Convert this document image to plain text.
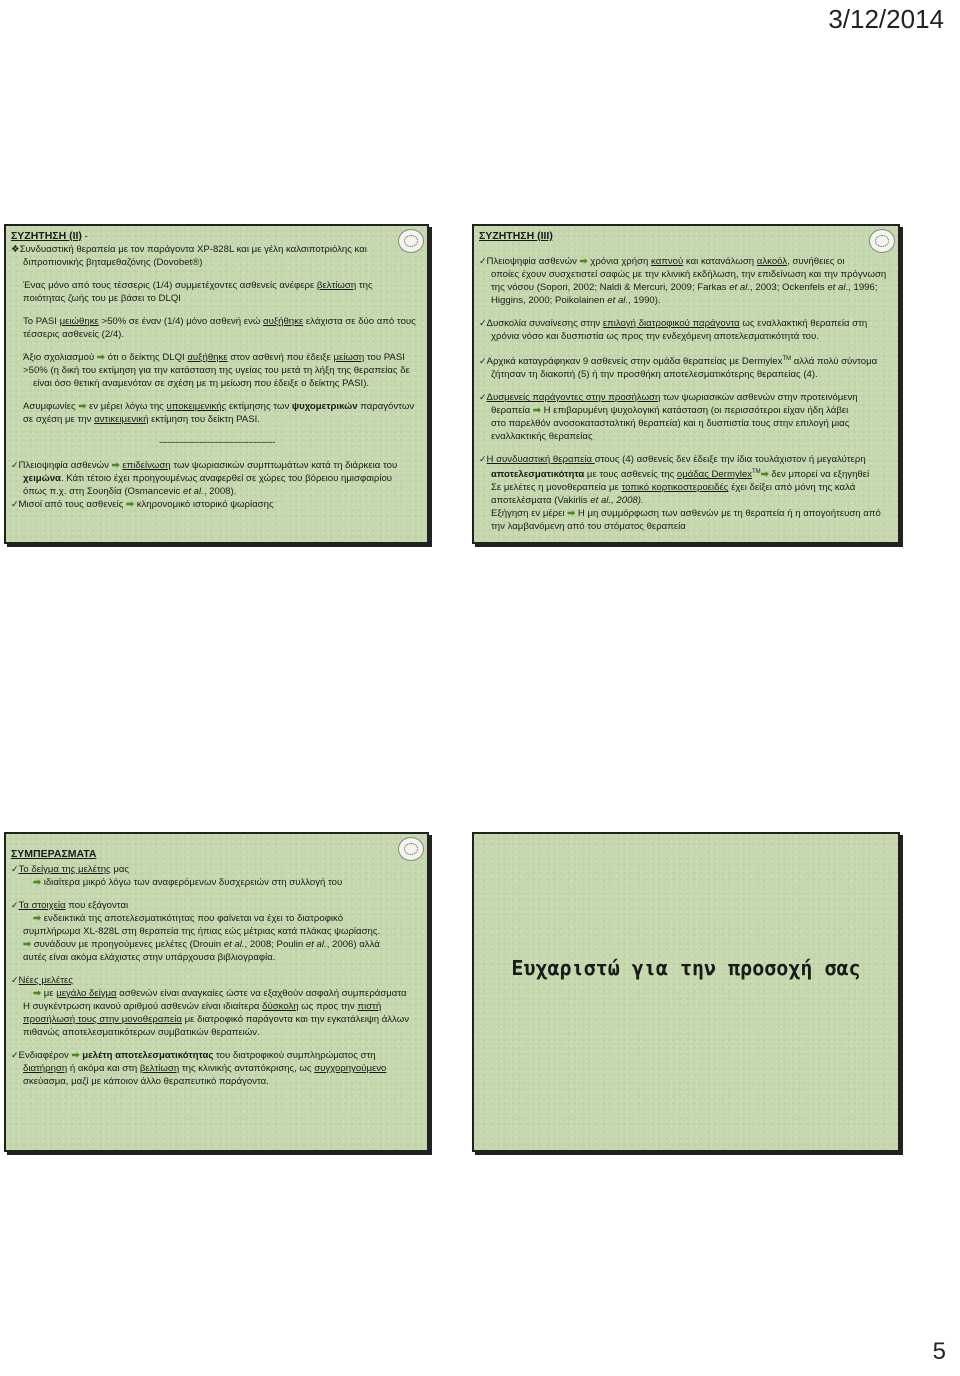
3/12/2014
ΣΥΖΗΤΗΣΗ (ΙΙ) -

❖Συνδυαστική θεραπεία με τον παράγοντα XP-828L και με γέλη καλσιποτριόλης και

διπροπιονικής βηταμεθαζόνης (Dovobet®)

Ένας μόνο από τους τέσσερις (1/4) συμμετέχοντες ασθενείς ανέφερε βελτίωση της

ποιότητας ζωής του με βάσει το DLQI

Το PASI μειώθηκε >50% σε έναν (1/4) μόνο ασθενή ενώ αυξήθηκε ελάχιστα σε δύο από τους

τέσσερις ασθενείς (2/4).

Άξιο σχολιασμού ➡ ότι ο δείκτης DLQI αυξήθηκε στον ασθενή που έδειξε μείωση του PASI

>50% (η δική του εκτίμηση για την κατάσταση της υγείας του μετά τη λήξη της θεραπείας δε

είναι όσο θετική αναμενόταν σε σχέση με τη μείωση που έδειξε ο δείκτης PASI).

Ασυμφωνίες ➡ εν μέρει λόγω της υποκειμενικής εκτίμησης των ψυχομετρικών παραγόντων

σε σχέση με την αντικειμενική εκτίμηση του δείκτη PASI.

-------------------------------------------

✓Πλειοψηφία ασθενών ➡ επιδείνωση των ψωριασικών συμπτωμάτων κατά τη διάρκεια του

χειμώνα. Κάτι τέτοιο έχει προηγουμένως αναφερθεί σε χώρες του βόρειου ημισφαιρίου

όπως π.χ. στη Σουηδία (Osmancevic et al., 2008).

✓Μισοί από τους ασθενείς ➡ κληρονομικό ιστορικό ψωρίασης

ΣΥΖΗΤΗΣΗ (ΙΙΙ)

✓Πλειοψηφία ασθενών ➡ χρόνια χρήση καπνού και κατανάλωση αλκοόλ, συνήθειες οι

οποίες έχουν συσχετιστεί σαφώς με την κλινική εκδήλωση, την επιδείνωση και την πρόγνωση

της νόσου (Sopori, 2002; Naldi & Mercuri, 2009; Farkas et al., 2003; Ockenfels et al., 1996;

Higgins, 2000; Poikolainen et al., 1990).

✓Δυσκολία συναίνεσης στην επιλογή διατροφικού παράγοντα ως εναλλακτική θεραπεία στη

χρόνια νόσο και δυσπιστία ως προς την ενδεχόμενη αποτελεσματικότητά του.

✓Αρχικά καταγράφηκαν 9 ασθενείς στην ομάδα θεραπείας με Dermylex™ αλλά πολύ σύντομα

ζήτησαν τη διακοπή (5) ή την προσθήκη αποτελεσματικότερης θεραπείας (4).

✓Δυσμενείς παράγοντες στην προσήλωση των ψωριασικών ασθενών στην προτεινόμενη

θεραπεία ➡ Η επιβαρυμένη ψυχολογική κατάσταση (οι περισσότεροι είχαν ήδη λάβει

στο παρελθόν ανοσοκατασταλτική θεραπεία) και η δυσπιστία τους στην επιλογή μιας

εναλλακτικής θεραπείας

✓Η συνδυαστική θεραπεία στους (4) ασθενείς δεν έδειξε την ίδια τουλάχιστον ή μεγαλύτερη

αποτελεσματικότητα με τους ασθενείς της ομάδας Dermylex™➡ δεν μπορεί να εξηγηθεί

Σε μελέτες η μονοθεραπεία με τοπικό κορτικοστεροειδές έχει δείξει από μόνη της καλά

αποτελέσματα (Vakirlis et al., 2008).

Εξήγηση εν μέρει ➡ Η μη συμμόρφωση των ασθενών με τη θεραπεία ή η απογοήτευση από

την λαμβανόμενη από του στόματος θεραπεία

ΣΥΜΠΕΡΑΣΜΑΤΑ

✓Το δείγμα της μελέτης μας

➡ ιδιαίτερα μικρό λόγω των αναφερόμενων δυσχερειών στη συλλογή του

✓Τα στοιχεία που εξάγονται

➡ ενδεικτικά της αποτελεσματικότητας που φαίνεται να έχει το διατροφικό

συμπλήρωμα XL-828L στη θεραπεία της ήπιας εώς μέτριας κατά πλάκας ψωρίασης.

➡ συνάδουν με προηγούμενες μελέτες (Drouin et al., 2008; Poulin et al., 2006) αλλά

αυτές είναι ακόμα ελάχιστες στην υπάρχουσα βιβλιογραφία.

✓Νέες μελέτες

➡ με μεγάλο δείγμα ασθενών είναι αναγκαίες ώστε να εξαχθούν ασφαλή συμπεράσματα

Η συγκέντρωση ικανού αριθμού ασθενών είναι ιδιαίτερα δύσκολη ως προς την πιστή

προσήλωσή τους στην μονοθεραπεία με διατροφικό παράγοντα και την εγκατάλειψη άλλων

πιθανώς αποτελεσματικότερων συμβατικών θεραπειών.

✓Ενδιαφέρον ➡ μελέτη αποτελεσματικότητας του διατροφικού συμπληρώματος στη

διατήρηση ή ακόμα και στη βελτίωση της κλινικής ανταπόκρισης, ως συγχορηγούμενο

σκεύασμα, μαζί με κάποιον άλλο θεραπευτικό παράγοντα.

Ευχαριστώ για την προσοχή σας
5
